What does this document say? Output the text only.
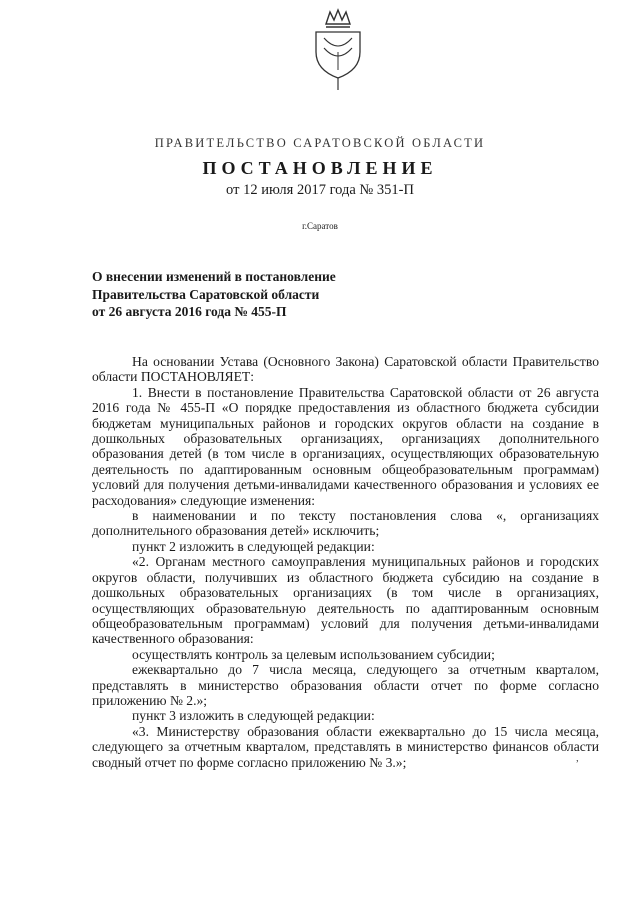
ПРАВИТЕЛЬСТВО САРАТОВСКОЙ ОБЛАСТИ
ПОСТАНОВЛЕНИЕ
от 12 июля 2017 года № 351-П
г.Саратов
О внесении изменений в постановление
Правительства Саратовской области
от 26 августа 2016 года № 455-П

На основании Устава (Основного Закона) Саратовской области Правительство области ПОСТАНОВЛЯЕТ:

1. Внести в постановление Правительства Саратовской области от 26 августа 2016 года № 455-П «О порядке предоставления из областного бюджета субсидии бюджетам муниципальных районов и городских округов области на создание в дошкольных образовательных организациях, организациях дополнительного образования детей (в том числе в организациях, осуществляющих образовательную деятельность по адаптированным основным общеобразовательным программам) условий для получения детьми-инвалидами качественного образования и условиях ее расходования» следующие изменения:

в наименовании и по тексту постановления слова «, организациях дополнительного образования детей» исключить;

пункт 2 изложить в следующей редакции:

«2. Органам местного самоуправления муниципальных районов и городских округов области, получивших из областного бюджета субсидию на создание в дошкольных образовательных организациях (в том числе в организациях, осуществляющих образовательную деятельность по адаптированным основным общеобразовательным программам) условий для получения детьми-инвалидами качественного образования:

осуществлять контроль за целевым использованием субсидии;

ежеквартально до 7 числа месяца, следующего за отчетным кварталом, представлять в министерство образования области отчет по форме согласно приложению № 2.»;

пункт 3 изложить в следующей редакции:

«3. Министерству образования области ежеквартально до 15 числа месяца, следующего за отчетным кварталом, представлять в министерство финансов области сводный отчет по форме согласно приложению № 3.»;	,
